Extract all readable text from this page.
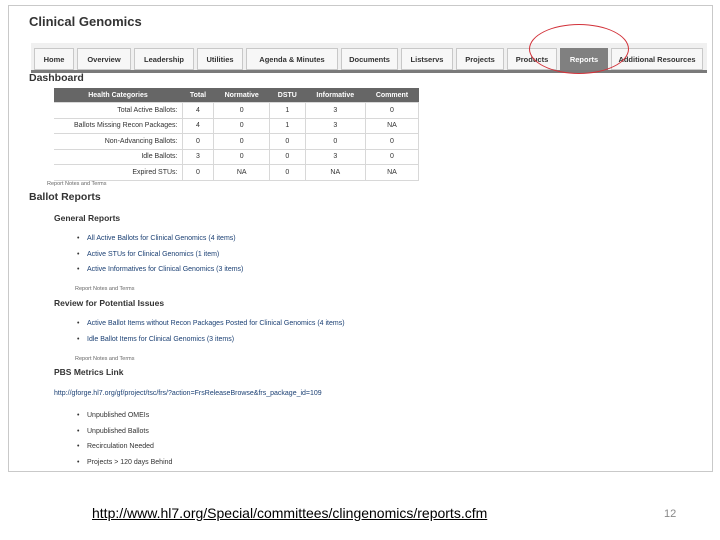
Clinical Genomics
Home	Overview	Leadership	Utilities	Agenda & Minutes	Documents	Listservs	Projects	Products	Reports	Additional Resources
Dashboard
Health Categories	Total	Normative	DSTU	Informative	Comment
Total Active Ballots:	4	0	1	3	0
Ballots Missing Recon Packages:	4	0	1	3	NA
Non-Advancing Ballots:	0	0	0	0	0
Idle Ballots:	3	0	0	3	0
Expired STUs:	0	NA	0	NA	NA
Report Notes and Terms
Ballot Reports
General Reports
• All Active Ballots for Clinical Genomics (4 items)
• Active STUs for Clinical Genomics (1 item)
• Active Informatives for Clinical Genomics (3 items)
Report Notes and Terms
Review for Potential Issues
• Active Ballot Items without Recon Packages Posted for Clinical Genomics (4 items)
• Idle Ballot Items for Clinical Genomics (3 items)
Report Notes and Terms
PBS Metrics Link
http://gforge.hl7.org/gf/project/tsc/frs/?action=FrsReleaseBrowse&frs_package_id=109
• Unpublished OMEIs
• Unpublished Ballots
• Recirculation Needed
• Projects > 120 days Behind
http://www.hl7.org/Special/committees/clingenomics/reports.cfm	12
